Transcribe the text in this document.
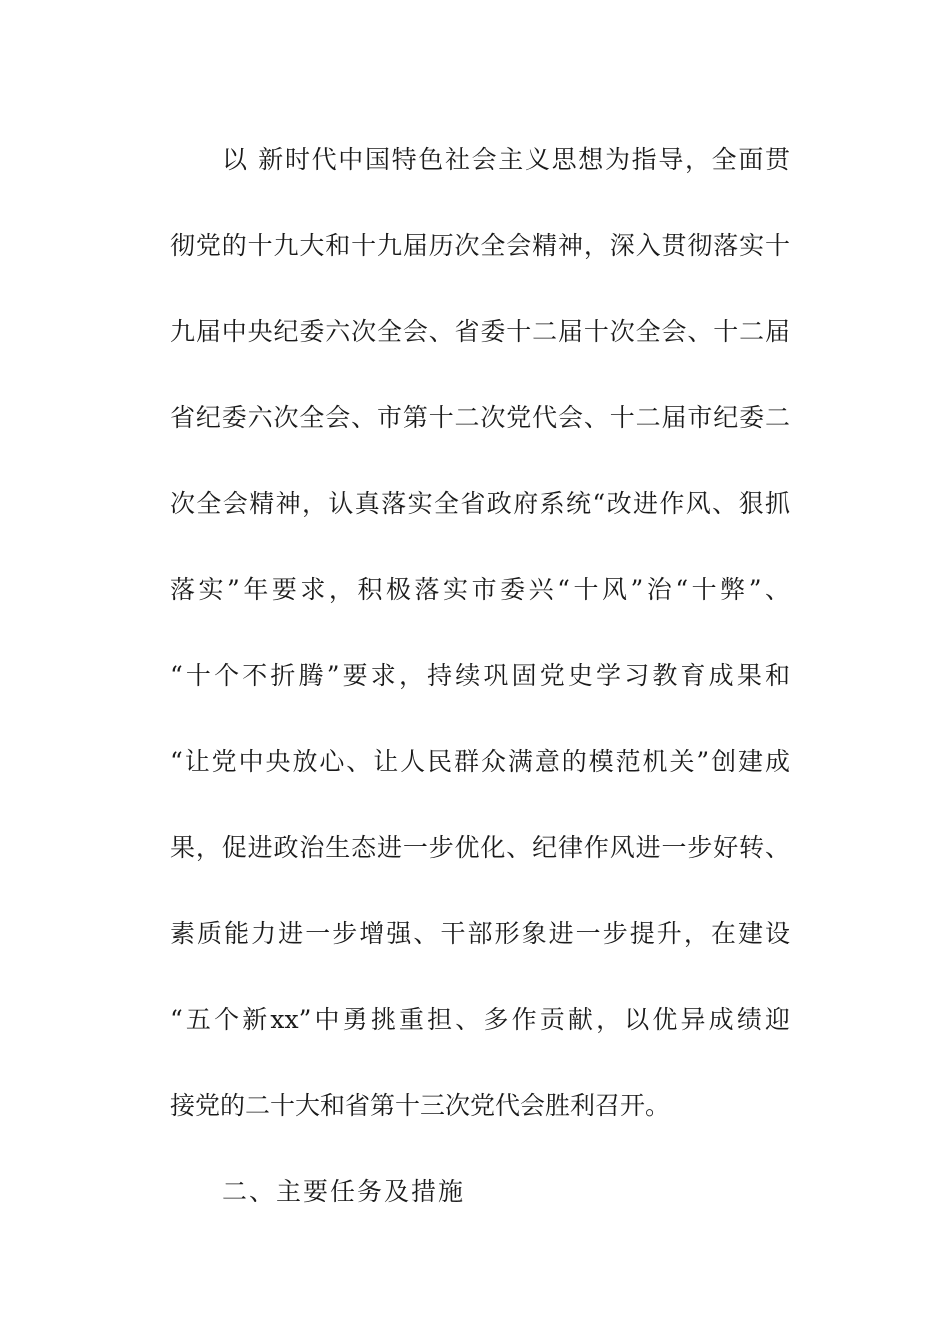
以 新时代中国特色社会主义思想为指导，全面贯
彻党的十九大和十九届历次全会精神，深入贯彻落实十
九届中央纪委六次全会、省委十二届十次全会、十二届
省纪委六次全会、市第十二次党代会、十二届市纪委二
次全会精神，认真落实全省政府系统“改进作风、狠抓
落实”年要求，积极落实市委兴“十风”治“十弊”、
“十个不折腾”要求，持续巩固党史学习教育成果和
“让党中央放心、让人民群众满意的模范机关”创建成
果，促进政治生态进一步优化、纪律作风进一步好转、
素质能力进一步增强、干部形象进一步提升，在建设
“五个新xx”中勇挑重担、多作贡献，以优异成绩迎
接党的二十大和省第十三次党代会胜利召开。
二、主要任务及措施
